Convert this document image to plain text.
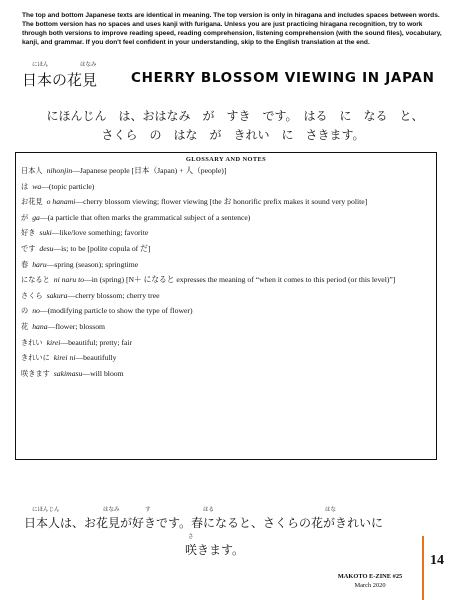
The top and bottom Japanese texts are identical in meaning. The top version is only in hiragana and includes spaces between words. The bottom version has no spaces and uses kanji with furigana. Unless you are just practicing hiragana recognition, try to work through both versions to improve reading speed, reading comprehension, listening comprehension (with the sound files), vocabulary, kanji, and grammar. If you don't feel confident in your understanding, skip to the English translation at the end.
にほん	はなみ
日本の花見	CHERRY BLOSSOM VIEWING IN JAPAN
にほんじん　は、おはなみ　が　すき　です。　はる　に　なる　と、
さくら　の　はな　が　きれい　に　さきます。
GLOSSARY AND NOTES
日本人 nihonjin—Japanese people [日本（Japan) + 人（people)]
は wa—(topic particle)
お花見 o hanami—cherry blossom viewing; flower viewing [the お honorific prefix makes it sound very polite]
が ga—(a particle that often marks the grammatical subject of a sentence)
好き suki—like/love something; favorite
です desu—is; to be [polite copula of だ]
春 haru—spring (season); springtime
になると ni naru to—in (spring) [N＋ になると expresses the meaning of “when it comes to this period (or this level)”]
さくら sakura—cherry blossom; cherry tree
の no—(modifying particle to show the type of flower)
花 hana—flower; blossom
きれい kirei—beautiful; pretty; fair
きれいに kirei ni—beautifully
咲きます sakimasu—will bloom
にほんじん	はなみ	す	はる	はな
日本人は、お花見が好きです。春になると、さくらの花がきれいに
さ
咲きます。
MAKOTO E-ZINE #25
March 2020
14
